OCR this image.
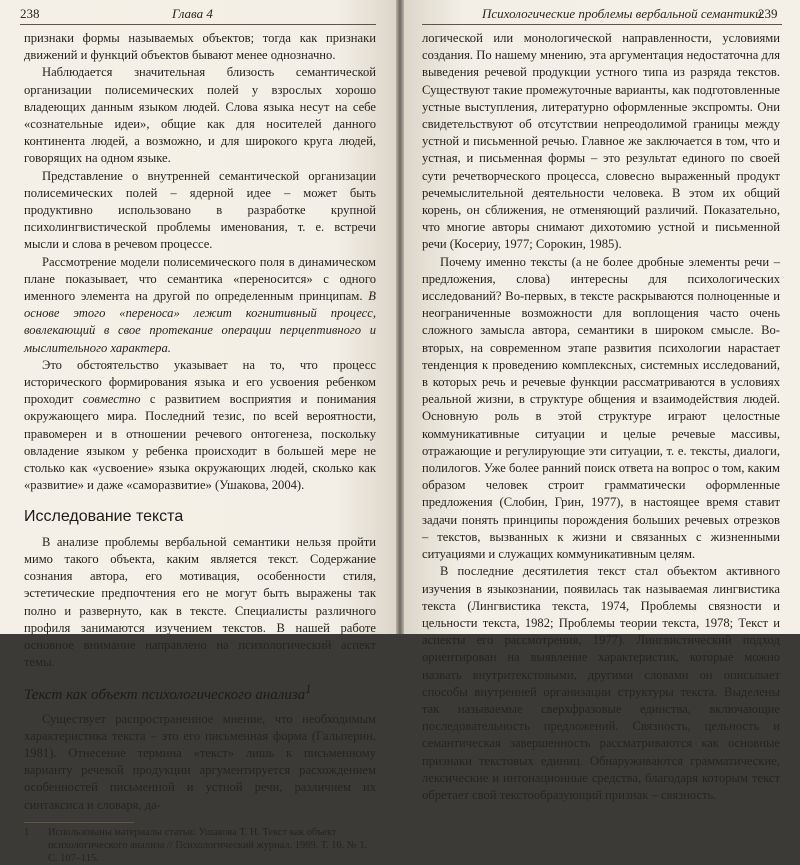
238	Глава 4

признаки формы называемых объектов; тогда как признаки движений и функций объектов бывают менее однозначно.

Наблюдается значительная близость семантической организации полисемических полей у взрослых хорошо владеющих данным языком людей. Слова языка несут на себе «сознательные идеи», общие как для носителей данного континента людей, а возможно, и для широкого круга людей, говорящих на одном языке.

Представление о внутренней семантической организации полисемических полей – ядерной идее – может быть продуктивно использовано в разработке крупной психолингвистической проблемы именования, т. е. встречи мысли и слова в речевом процессе.

Рассмотрение модели полисемического поля в динамическом плане показывает, что семантика «переносится» с одного именного элемента на другой по определенным принципам. В основе этого «переноса» лежит когнитивный процесс, вовлекающий в свое протекание операции перцептивного и мыслительного характера.

Это обстоятельство указывает на то, что процесс исторического формирования языка и его усвоения ребенком проходит совместно с развитием восприятия и понимания окружающего мира. Последний тезис, по всей вероятности, правомерен и в отношении речевого онтогенеза, поскольку овладение языком у ребенка происходит в большей мере не столько как «усвоение» языка окружающих людей, сколько как «развитие» и даже «саморазвитие» (Ушакова, 2004).

Исследование текста

В анализе проблемы вербальной семантики нельзя пройти мимо такого объекта, каким является текст. Содержание сознания автора, его мотивация, особенности стиля, эстетические предпочтения его не могут быть выражены так полно и развернуто, как в тексте. Специалисты различного профиля занимаются изучением текстов. В нашей работе основное внимание направлено на психологический аспект темы.

Текст как объект психологического анализа$^1$

Существует распространенное мнение, что необходимым характеристика текста – это его письменная форма (Гальперин, 1981). Отнесение термина «текст» лишь к письменному варианту речевой продукции аргументируется расхождением особенностей письменной и устной речи, различием их синтаксиса и словаря, да-

1	Использованы материалы статьи: Ушакова Т. Н. Текст как объект психологического анализа // Психологический журнал. 1989. Т. 10. № 1. С. 107–115.
Психологические проблемы вербальной семантики
239

логической или монологической направленности, условиями создания. По нашему мнению, эта аргументация недостаточна для выведения речевой продукции устного типа из разряда текстов. Существуют такие промежуточные варианты, как подготовленные устные выступления, литературно оформленные экспромты. Они свидетельствуют об отсутствии непреодолимой границы между устной и письменной речью. Главное же заключается в том, что и устная, и письменная формы – это результат единого по своей сути речетворческого процесса, словесно выраженный продукт речемыслительной деятельности человека. В этом их общий корень, он сближения, не отменяющий различий. Показательно, что многие авторы снимают дихотомию устной и письменной речи (Косериу, 1977; Сорокин, 1985).

Почему именно тексты (а не более дробные элементы речи – предложения, слова) интересны для психологических исследований? Во-первых, в тексте раскрываются полноценные и неограниченные возможности для воплощения часто очень сложного замысла автора, семантики в широком смысле. Во-вторых, на современном этапе развития психологии нарастает тенденция к проведению комплексных, системных исследований, в которых речь и речевые функции рассматриваются в условиях реальной жизни, в структуре общения и взаимодействия людей. Основную роль в этой структуре играют целостные коммуникативные ситуации и целые речевые массивы, отражающие и регулирующие эти ситуации, т. е. тексты, диалоги, полилогов. Уже более ранний поиск ответа на вопрос о том, каким образом человек строит грамматически оформленные предложения (Слобин, Грин, 1977), в настоящее время ставит задачи понять принципы порождения больших речевых отрезков – текстов, вызванных к жизни и связанных с жизненными ситуациями и служащих коммуникативным целям.

В последние десятилетия текст стал объектом активного изучения в языкознании, появилась так называемая лингвистика текста (Лингвистика текста, 1974, Проблемы связности и цельности текста, 1982; Проблемы теории текста, 1978; Текст и аспекты его рассмотрения, 1977). Лингвистический подход ориентирован на выявление характеристик, которые можно назвать внутритекстовыми, другими словами он описывает способы внутренней организации структуры текста. Выделены так называемые сверхфразовые единства, включающие последовательность предложений. Связность, цельность и семантическая завершенность рассматриваются как основные признаки текстовых единиц. Обнаруживаются грамматические, лексические и интонационные средства, благодаря которым текст обретает свой текстообразующий признак – связность.
